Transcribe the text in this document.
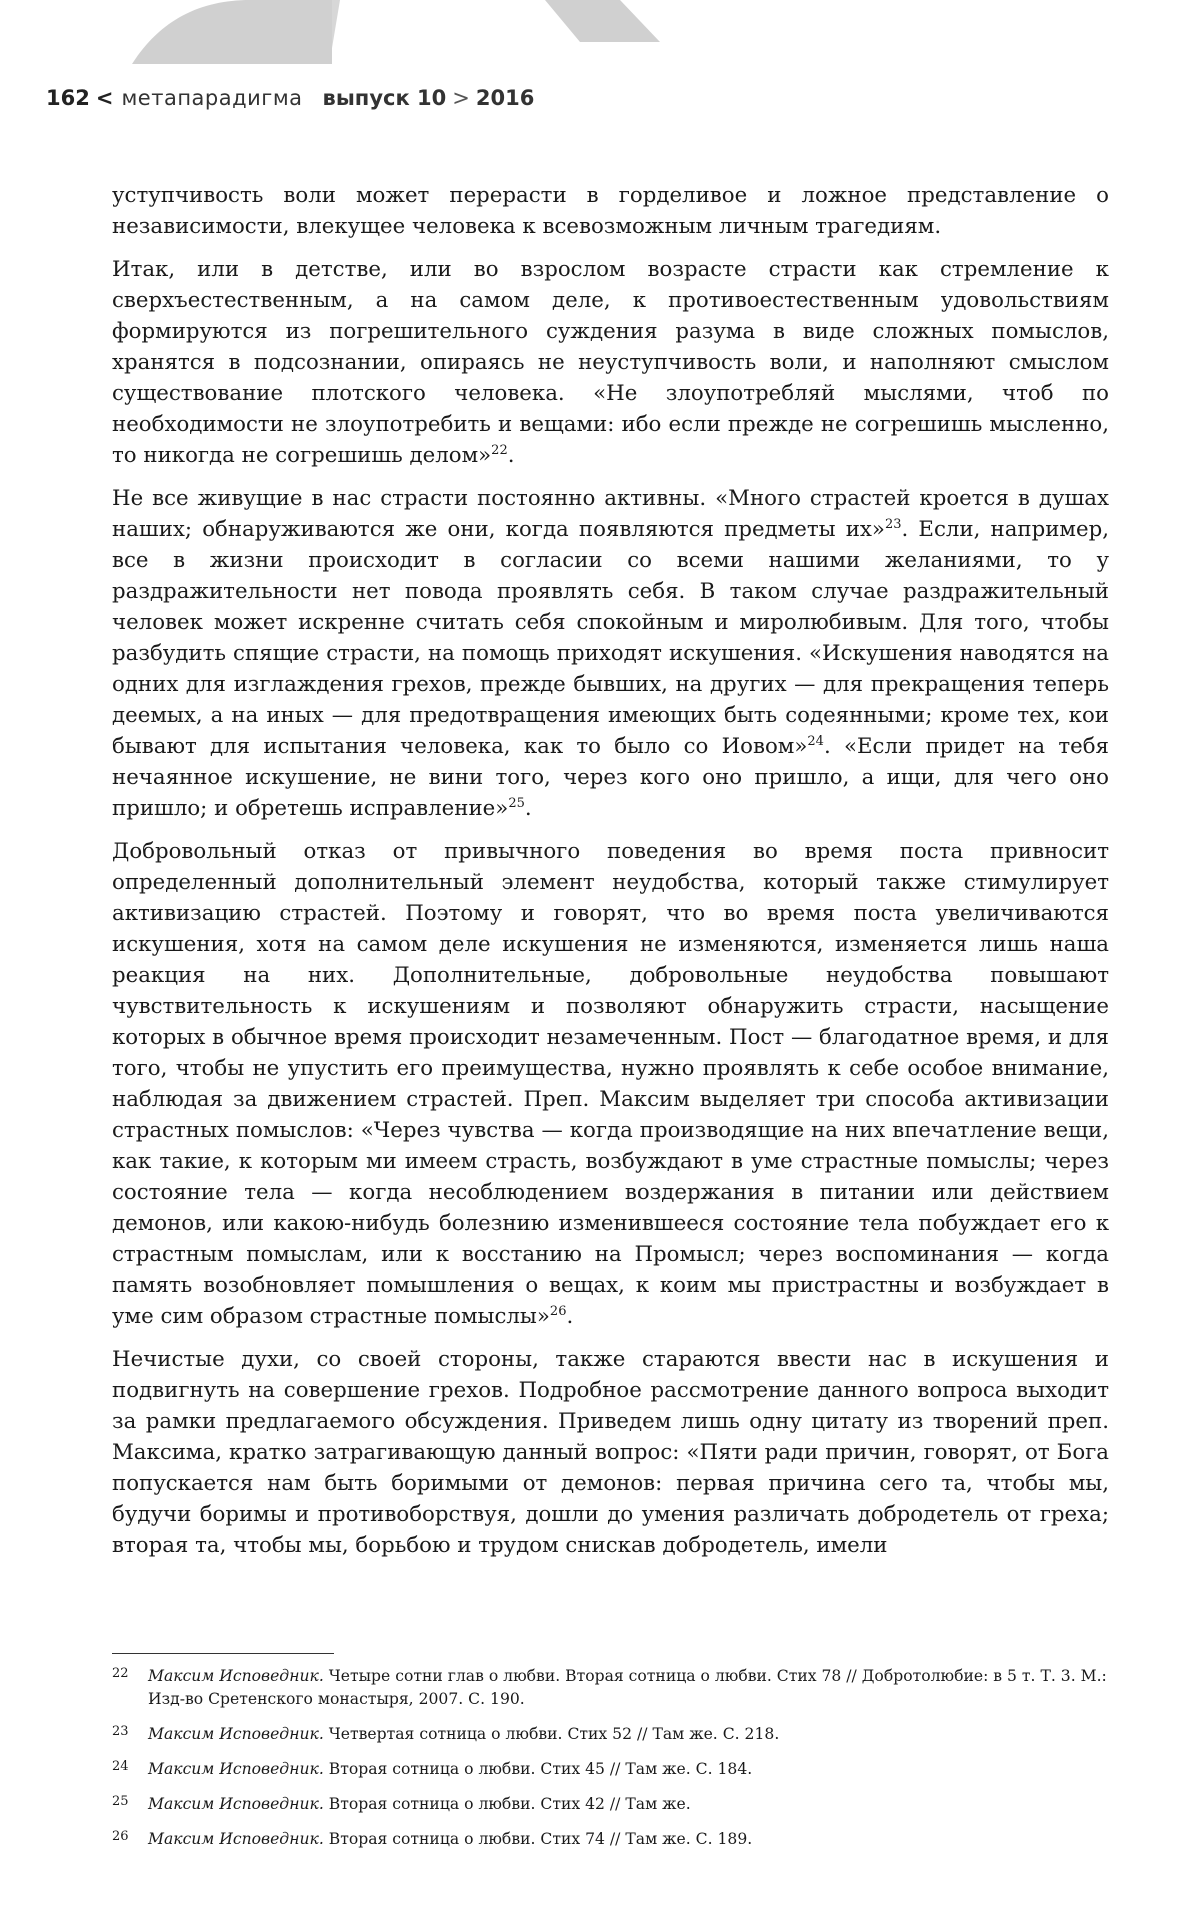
162 < метапарадигма выпуск 10 > 2016

уступчивость воли может перерасти в горделивое и ложное представление о независимости, влекущее человека к всевозможным личным трагедиям.

Итак, или в детстве, или во взрослом возрасте страсти как стремление к сверхъестественным, а на самом деле, к противоестественным удовольствиям формируются из погрешительного суждения разума в виде сложных помыслов, хранятся в подсознании, опираясь не неуступчивость воли, и наполняют смыслом существование плотского человека. «Не злоупотребляй мыслями, чтоб по необходимости не злоупотребить и вещами: ибо если прежде не согрешишь мысленно, то никогда не согрешишь делом»$^{22}$.

Не все живущие в нас страсти постоянно активны. «Много страстей кроется в душах наших; обнаруживаются же они, когда появляются предметы их»$^{23}$. Если, например, все в жизни происходит в согласии со всеми нашими желаниями, то у раздражительности нет повода проявлять себя. В таком случае раздражительный человек может искренне считать себя спокойным и миролюбивым. Для того, чтобы разбудить спящие страсти, на помощь приходят искушения. «Искушения наводятся на одних для изглаждения грехов, прежде бывших, на других — для прекращения теперь деемых, а на иных — для предотвращения имеющих быть содеянными; кроме тех, кои бывают для испытания человека, как то было со Иовом»$^{24}$. «Если придет на тебя нечаянное искушение, не вини того, через кого оно пришло, а ищи, для чего оно пришло; и обретешь исправление»$^{25}$.

Добровольный отказ от привычного поведения во время поста привносит определенный дополнительный элемент неудобства, который также стимулирует активизацию страстей. Поэтому и говорят, что во время поста увеличиваются искушения, хотя на самом деле искушения не изменяются, изменяется лишь наша реакция на них. Дополнительные, добровольные неудобства повышают чувствительность к искушениям и позволяют обнаружить страсти, насыщение которых в обычное время происходит незамеченным. Пост — благодатное время, и для того, чтобы не упустить его преимущества, нужно проявлять к себе особое внимание, наблюдая за движением страстей. Преп. Максим выделяет три способа активизации страстных помыслов: «Через чувства — когда производящие на них впечатление вещи, как такие, к которым ми имеем страсть, возбуждают в уме страстные помыслы; через состояние тела — когда несоблюдением воздержания в питании или действием демонов, или какою-нибудь болезнию изменившееся состояние тела побуждает его к страстным помыслам, или к восстанию на Промысл; через воспоминания — когда память возобновляет помышления о вещах, к коим мы пристрастны и возбуждает в уме сим образом страстные помыслы»$^{26}$.

Нечистые духи, со своей стороны, также стараются ввести нас в искушения и подвигнуть на совершение грехов. Подробное рассмотрение данного вопроса выходит за рамки предлагаемого обсуждения. Приведем лишь одну цитату из творений преп. Максима, кратко затрагивающую данный вопрос: «Пяти ради причин, говорят, от Бога попускается нам быть боримыми от демонов: первая причина сего та, чтобы мы, будучи боримы и противоборствуя, дошли до умения различать добродетель от греха; вторая та, чтобы мы, борьбою и трудом снискав добродетель, имели

22 Максим Исповедник. Четыре сотни глав о любви. Вторая сотница о любви. Стих 78 // Добротолюбие: в 5 т. Т. 3. М.: Изд-во Сретенского монастыря, 2007. С. 190.
23 Максим Исповедник. Четвертая сотница о любви. Стих 52 // Там же. С. 218.
24 Максим Исповедник. Вторая сотница о любви. Стих 45 // Там же. С. 184.
25 Максим Исповедник. Вторая сотница о любви. Стих 42 // Там же.
26 Максим Исповедник. Вторая сотница о любви. Стих 74 // Там же. С. 189.
